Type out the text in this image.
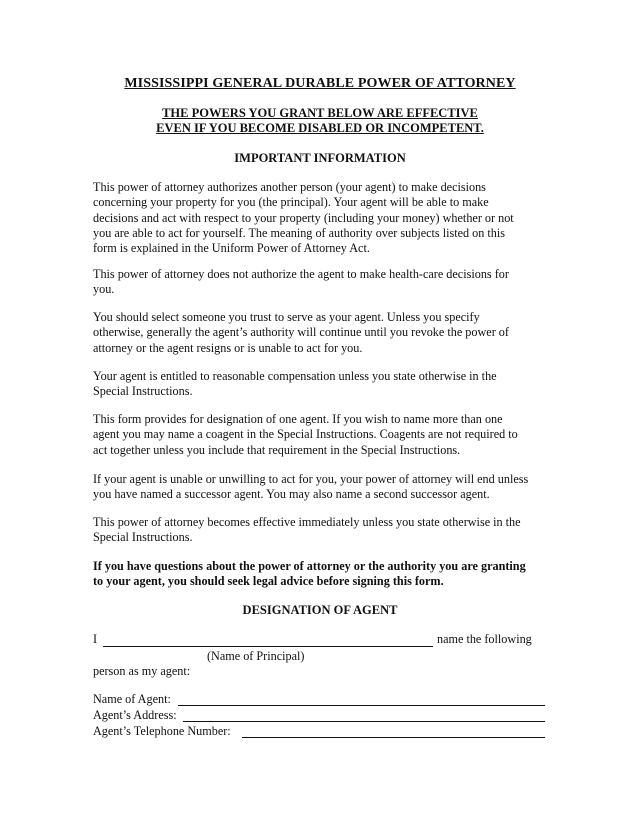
MISSISSIPPI GENERAL DURABLE POWER OF ATTORNEY
THE POWERS YOU GRANT BELOW ARE EFFECTIVE
EVEN IF YOU BECOME DISABLED OR INCOMPETENT.
IMPORTANT INFORMATION
This power of attorney authorizes another person (your agent) to make decisions
concerning your property for you (the principal). Your agent will be able to make
decisions and act with respect to your property (including your money) whether or not
you are able to act for yourself. The meaning of authority over subjects listed on this
form is explained in the Uniform Power of Attorney Act.
This power of attorney does not authorize the agent to make health-care decisions for
you.
You should select someone you trust to serve as your agent. Unless you specify
otherwise, generally the agent’s authority will continue until you revoke the power of
attorney or the agent resigns or is unable to act for you.
Your agent is entitled to reasonable compensation unless you state otherwise in the
Special Instructions.
This form provides for designation of one agent. If you wish to name more than one
agent you may name a coagent in the Special Instructions. Coagents are not required to
act together unless you include that requirement in the Special Instructions.
If your agent is unable or unwilling to act for you, your power of attorney will end unless
you have named a successor agent. You may also name a second successor agent.
This power of attorney becomes effective immediately unless you state otherwise in the
Special Instructions.
If you have questions about the power of attorney or the authority you are granting
to your agent, you should seek legal advice before signing this form.
DESIGNATION OF AGENT
I	name the following
(Name of Principal)
person as my agent:
Name of Agent:
Agent’s Address:
Agent’s Telephone Number:
